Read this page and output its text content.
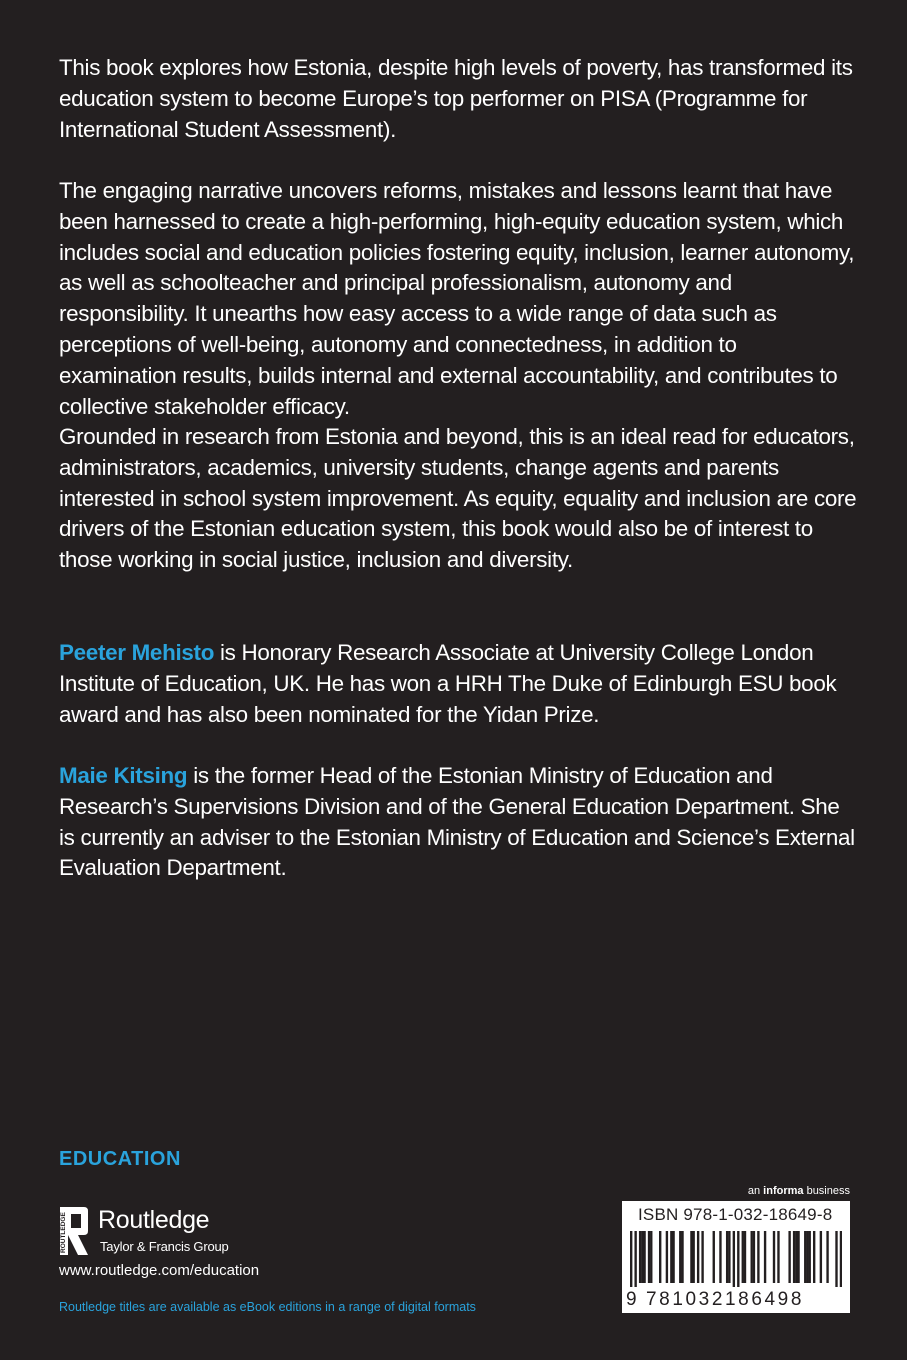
This book explores how Estonia, despite high levels of poverty, has transformed its education system to become Europe’s top performer on PISA (Programme for International Student Assessment).

The engaging narrative uncovers reforms, mistakes and lessons learnt that have been harnessed to create a high-performing, high-equity education system, which includes social and education policies fostering equity, inclusion, learner autonomy, as well as schoolteacher and principal professionalism, autonomy and responsibility. It unearths how easy access to a wide range of data such as perceptions of well-being, autonomy and connectedness, in addition to examination results, builds internal and external accountability, and contributes to collective stakeholder efficacy.

Grounded in research from Estonia and beyond, this is an ideal read for educators, administrators, academics, university students, change agents and parents interested in school system improvement. As equity, equality and inclusion are core drivers of the Estonian education system, this book would also be of interest to those working in social justice, inclusion and diversity.

Peeter Mehisto is Honorary Research Associate at University College London Institute of Education, UK. He has won a HRH The Duke of Edinburgh ESU book award and has also been nominated for the Yidan Prize.

Maie Kitsing is the former Head of the Estonian Ministry of Education and Research’s Supervisions Division and of the General Education Department. She is currently an adviser to the Estonian Ministry of Education and Science’s External Evaluation Department.

EDUCATION
ROUTLEDGE Routledge
Taylor & Francis Group
www.routledge.com/education
Routledge titles are available as eBook editions in a range of digital formats
an informa business
ISBN 978-1-032-18649-8
9 781032186498
